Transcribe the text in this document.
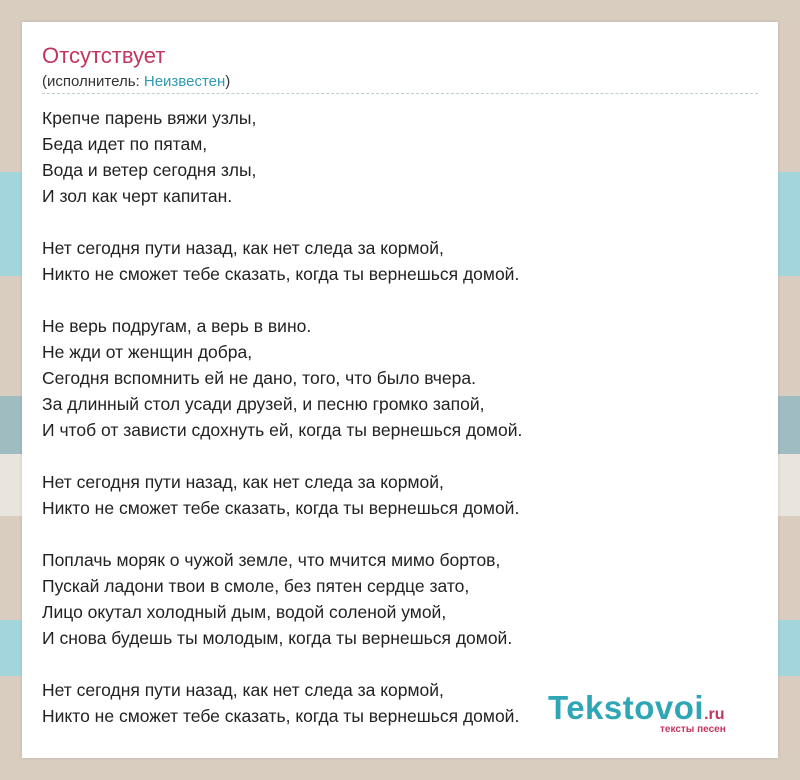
Отсутствует
(исполнитель: Неизвестен)
Крепче парень вяжи узлы,
Беда идет по пятам,
Вода и ветер сегодня злы,
И зол как черт капитан.
Нет сегодня пути назад, как нет следа за кормой,
Никто не сможет тебе сказать, когда ты вернешься домой.
Не верь подругам, а верь в вино.
Не жди от женщин добра,
Сегодня вспомнить ей не дано, того, что было вчера.
За длинный стол усади друзей, и песню громко запой,
И чтоб от зависти сдохнуть ей, когда ты вернешься домой.
Нет сегодня пути назад, как нет следа за кормой,
Никто не сможет тебе сказать, когда ты вернешься домой.
Поплачь моряк о чужой земле, что мчится мимо бортов,
Пускай ладони твои в смоле, без пятен сердце зато,
Лицо окутал холодный дым, водой соленой умой,
И снова будешь ты молодым, когда ты вернешься домой.
Нет сегодня пути назад, как нет следа за кормой,
Никто не сможет тебе сказать, когда ты вернешься домой. Tekstovoi.ru
тексты песен
